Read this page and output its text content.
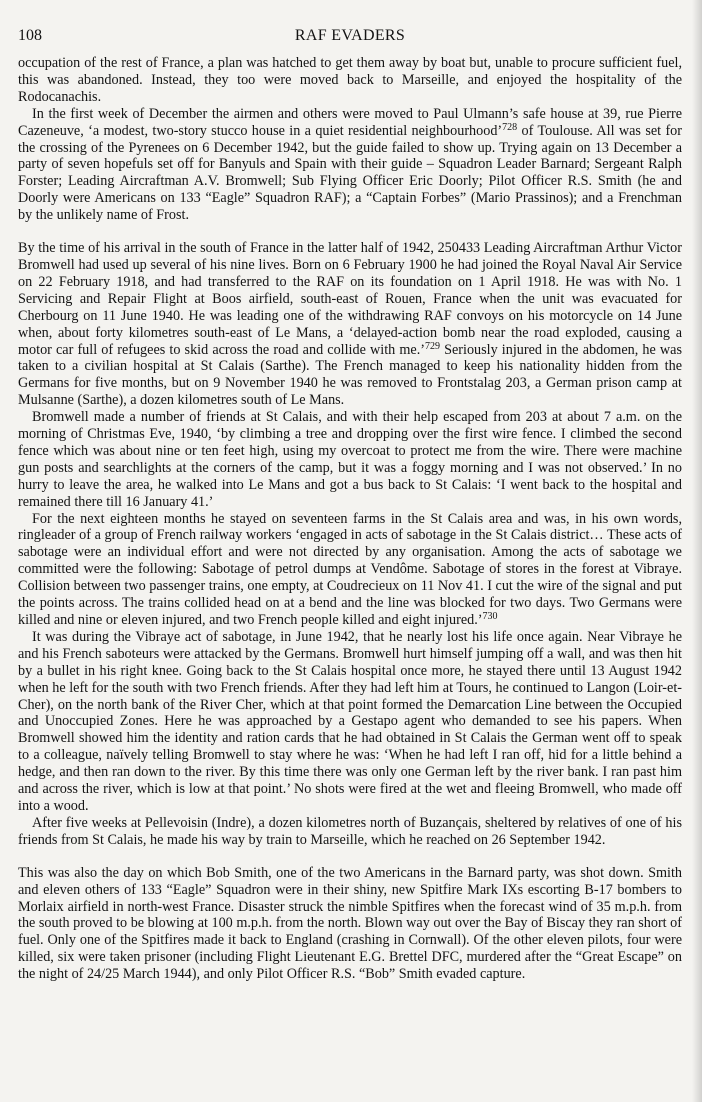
108	RAF EVADERS

occupation of the rest of France, a plan was hatched to get them away by boat but, unable to procure sufficient fuel, this was abandoned. Instead, they too were moved back to Marseille, and enjoyed the hospitality of the Rodocanachis.

In the first week of December the airmen and others were moved to Paul Ulmann’s safe house at 39, rue Pierre Cazeneuve, ‘a modest, two-story stucco house in a quiet residential neighbourhood’$^{728}$ of Toulouse. All was set for the crossing of the Pyrenees on 6 December 1942, but the guide failed to show up. Trying again on 13 December a party of seven hopefuls set off for Banyuls and Spain with their guide – Squadron Leader Barnard; Sergeant Ralph Forster; Leading Aircraftman A.V. Bromwell; Sub Flying Officer Eric Doorly; Pilot Officer R.S. Smith (he and Doorly were Americans on 133 “Eagle” Squadron RAF); a “Captain Forbes” (Mario Prassinos); and a Frenchman by the unlikely name of Frost.

By the time of his arrival in the south of France in the latter half of 1942, 250433 Leading Aircraftman Arthur Victor Bromwell had used up several of his nine lives. Born on 6 February 1900 he had joined the Royal Naval Air Service on 22 February 1918, and had transferred to the RAF on its foundation on 1 April 1918. He was with No. 1 Servicing and Repair Flight at Boos airfield, south-east of Rouen, France when the unit was evacuated for Cherbourg on 11 June 1940. He was leading one of the withdrawing RAF convoys on his motorcycle on 14 June when, about forty kilometres south-east of Le Mans, a ‘delayed-action bomb near the road exploded, causing a motor car full of refugees to skid across the road and collide with me.’$^{729}$ Seriously injured in the abdomen, he was taken to a civilian hospital at St Calais (Sarthe). The French managed to keep his nationality hidden from the Germans for five months, but on 9 November 1940 he was removed to Frontstalag 203, a German prison camp at Mulsanne (Sarthe), a dozen kilometres south of Le Mans.

Bromwell made a number of friends at St Calais, and with their help escaped from 203 at about 7 a.m. on the morning of Christmas Eve, 1940, ‘by climbing a tree and dropping over the first wire fence. I climbed the second fence which was about nine or ten feet high, using my overcoat to protect me from the wire. There were machine gun posts and searchlights at the corners of the camp, but it was a foggy morning and I was not observed.’ In no hurry to leave the area, he walked into Le Mans and got a bus back to St Calais: ‘I went back to the hospital and remained there till 16 January 41.’

For the next eighteen months he stayed on seventeen farms in the St Calais area and was, in his own words, ringleader of a group of French railway workers ‘engaged in acts of sabotage in the St Calais district… These acts of sabotage were an individual effort and were not directed by any organisation. Among the acts of sabotage we committed were the following: Sabotage of petrol dumps at Vendôme. Sabotage of stores in the forest at Vibraye. Collision between two passenger trains, one empty, at Coudrecieux on 11 Nov 41. I cut the wire of the signal and put the points across. The trains collided head on at a bend and the line was blocked for two days. Two Germans were killed and nine or eleven injured, and two French people killed and eight injured.’$^{730}$

It was during the Vibraye act of sabotage, in June 1942, that he nearly lost his life once again. Near Vibraye he and his French saboteurs were attacked by the Germans. Bromwell hurt himself jumping off a wall, and was then hit by a bullet in his right knee. Going back to the St Calais hospital once more, he stayed there until 13 August 1942 when he left for the south with two French friends. After they had left him at Tours, he continued to Langon (Loir-et-Cher), on the north bank of the River Cher, which at that point formed the Demarcation Line between the Occupied and Unoccupied Zones. Here he was approached by a Gestapo agent who demanded to see his papers. When Bromwell showed him the identity and ration cards that he had obtained in St Calais the German went off to speak to a colleague, naïvely telling Bromwell to stay where he was: ‘When he had left I ran off, hid for a little behind a hedge, and then ran down to the river. By this time there was only one German left by the river bank. I ran past him and across the river, which is low at that point.’ No shots were fired at the wet and fleeing Bromwell, who made off into a wood.

After five weeks at Pellevoisin (Indre), a dozen kilometres north of Buzançais, sheltered by relatives of one of his friends from St Calais, he made his way by train to Marseille, which he reached on 26 September 1942.

This was also the day on which Bob Smith, one of the two Americans in the Barnard party, was shot down. Smith and eleven others of 133 “Eagle” Squadron were in their shiny, new Spitfire Mark IXs escorting B-17 bombers to Morlaix airfield in north-west France. Disaster struck the nimble Spitfires when the forecast wind of 35 m.p.h. from the south proved to be blowing at 100 m.p.h. from the north. Blown way out over the Bay of Biscay they ran short of fuel. Only one of the Spitfires made it back to England (crashing in Cornwall). Of the other eleven pilots, four were killed, six were taken prisoner (including Flight Lieutenant E.G. Brettel DFC, murdered after the “Great Escape” on the night of 24/25 March 1944), and only Pilot Officer R.S. “Bob” Smith evaded capture.
